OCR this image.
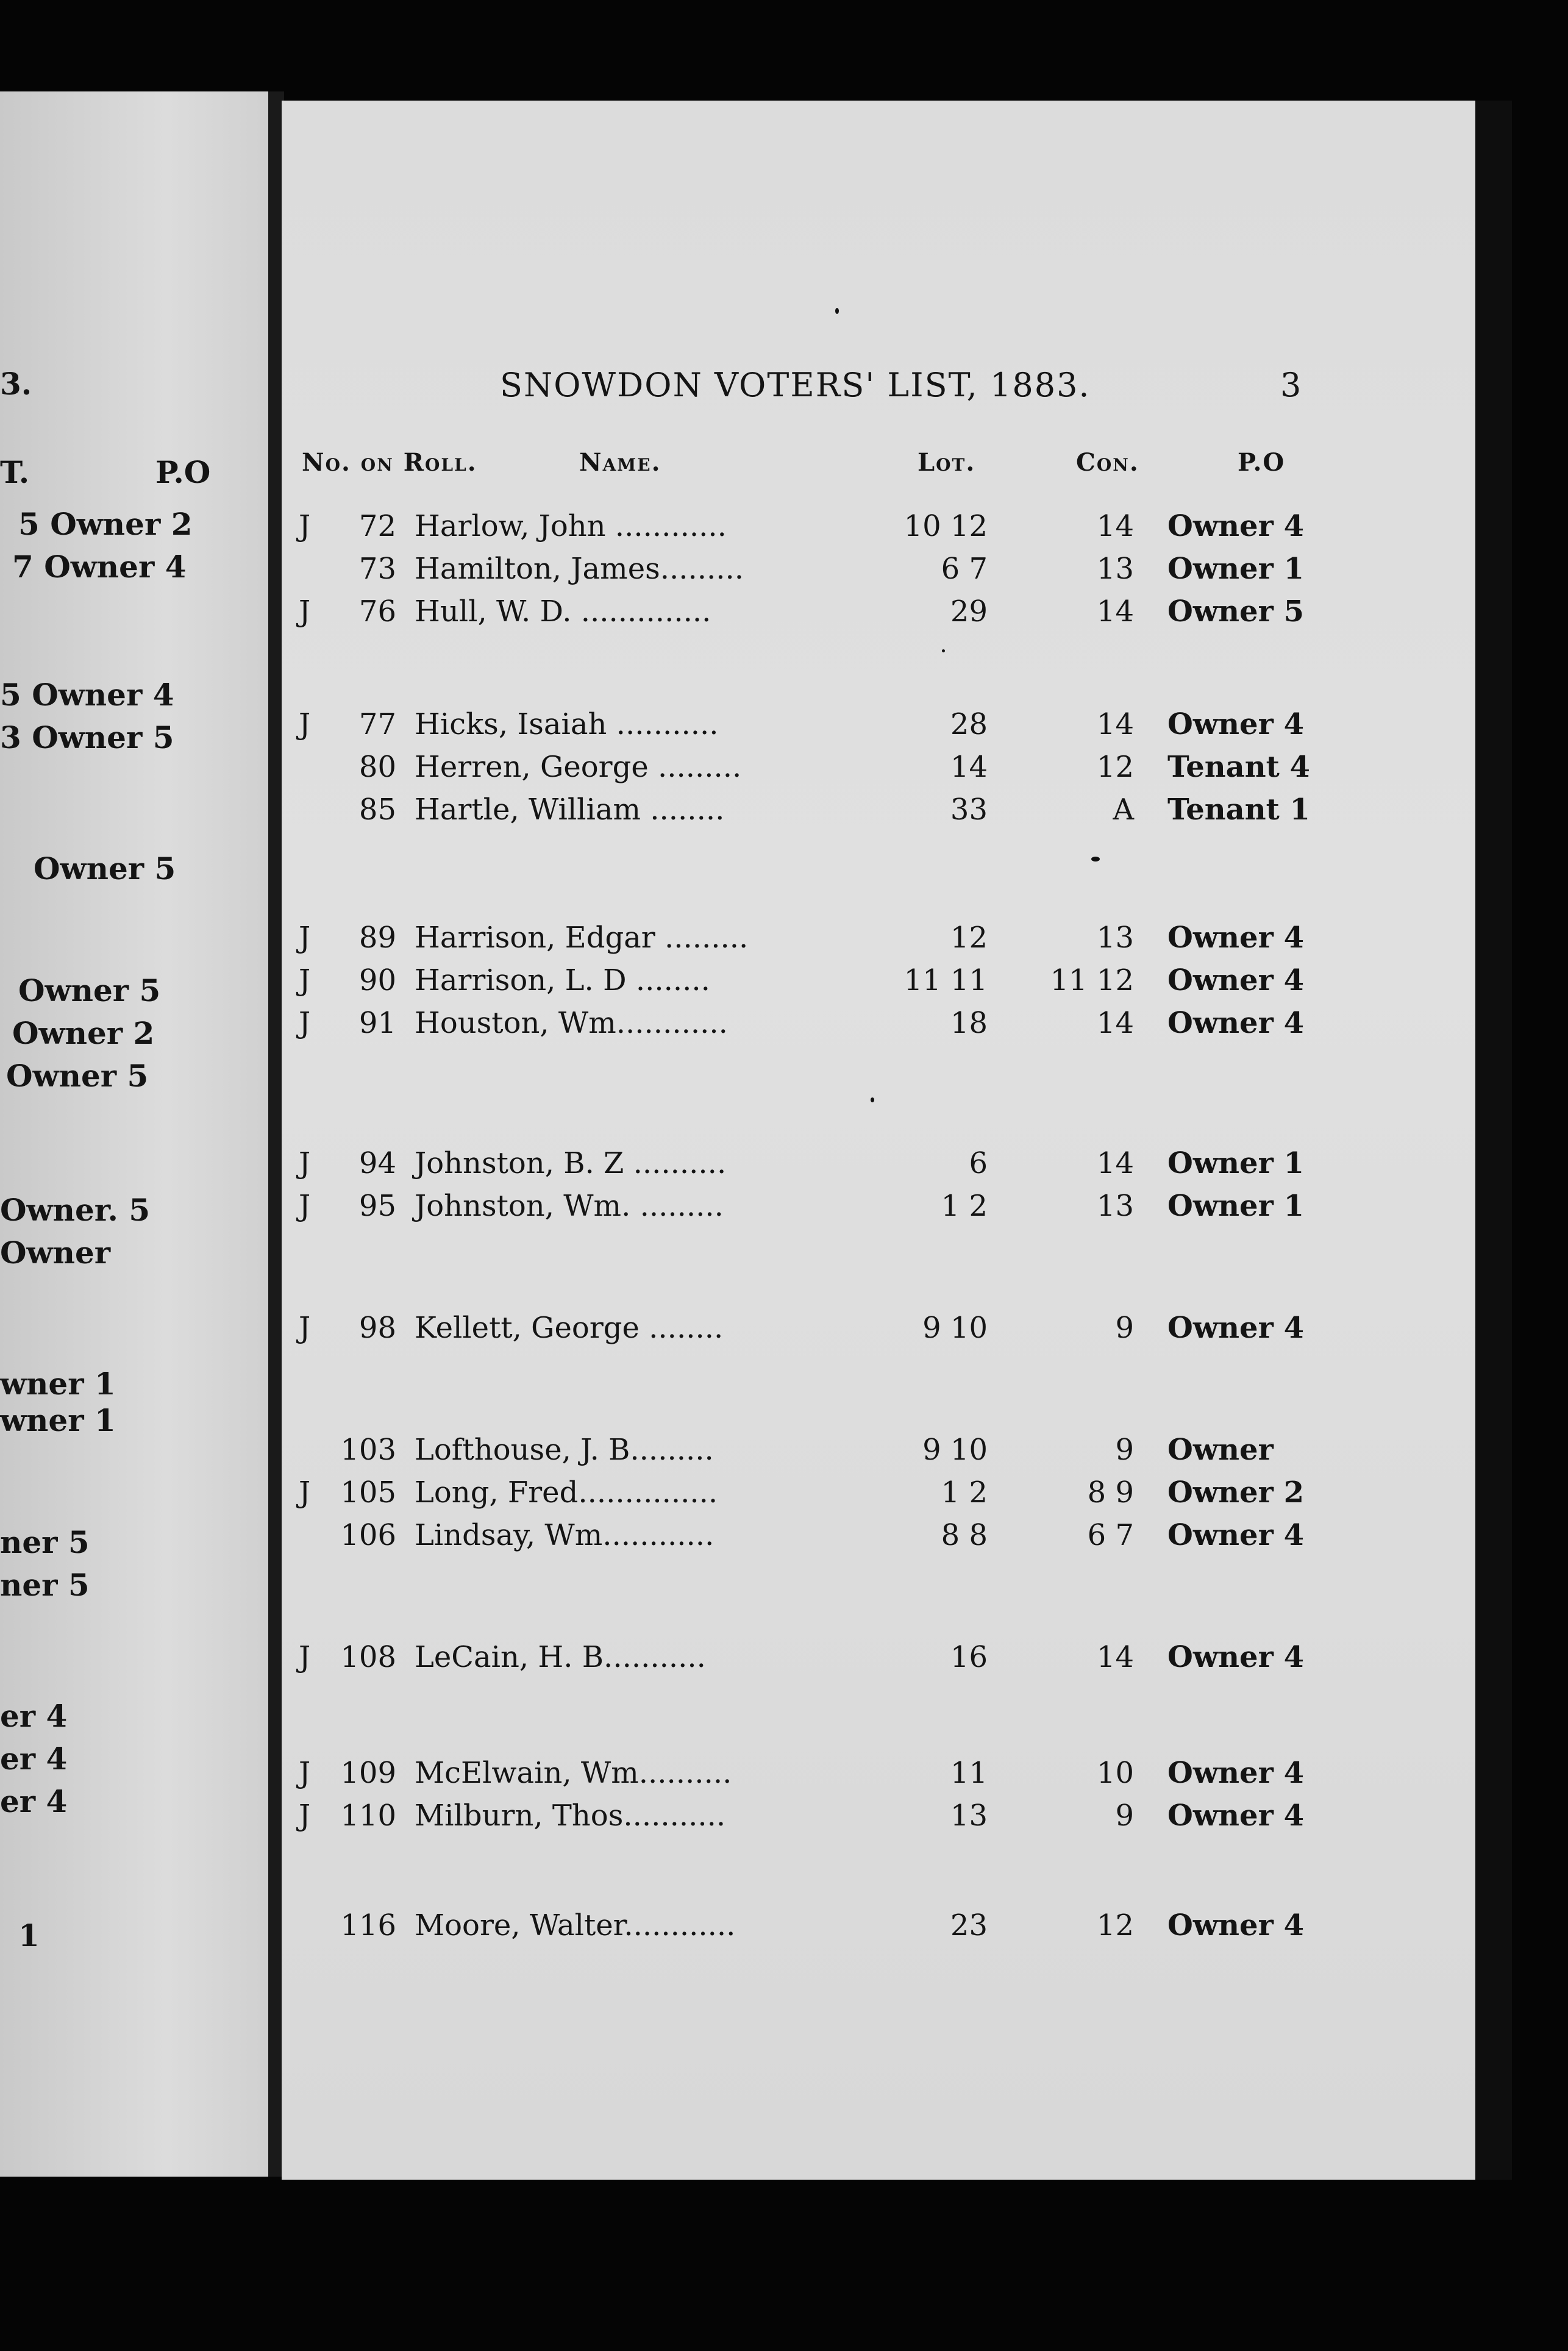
3.
T.	P.O
5 Owner 2
7 Owner 4
5 Owner 4
3 Owner 5
Owner 5
Owner 5
Owner 2
Owner 5
Owner. 5
Owner
wner 1
wner 1
ner 5
ner 5
er 4
er 4
er 4
1
SNOWDON VOTERS' LIST, 1883.	3
No. on Roll.	Name.	Lot.	Con.	P.O
J	72 Harlow, John ............	10 12	14 Owner 4
73 Hamilton, James.........	6 7	13 Owner 1
J	76 Hull, W. D. ..............	29	14 Owner 5
J	77 Hicks, Isaiah ...........	28	14 Owner 4
80 Herren, George .........	14	12 Tenant 4
85 Hartle, William ........	33	A Tenant 1
J	89 Harrison, Edgar .........	12	13 Owner 4
J	90 Harrison, L. D ........	11 11	11 12 Owner 4
J	91 Houston, Wm............	18	14 Owner 4
J	94 Johnston, B. Z ..........	6	14 Owner 1
J	95 Johnston, Wm. .........	1 2	13 Owner 1
J	98 Kellett, George ........	9 10	9 Owner 4
103 Lofthouse, J. B.........	9 10	9 Owner
J	105 Long, Fred...............	1 2	8 9 Owner 2
106 Lindsay, Wm............	8 8	6 7 Owner 4
J	108 LeCain, H. B...........	16	14 Owner 4
J	109 McElwain, Wm..........	11	10 Owner 4
J	110 Milburn, Thos...........	13	9 Owner 4
116 Moore, Walter............	23	12 Owner 4
